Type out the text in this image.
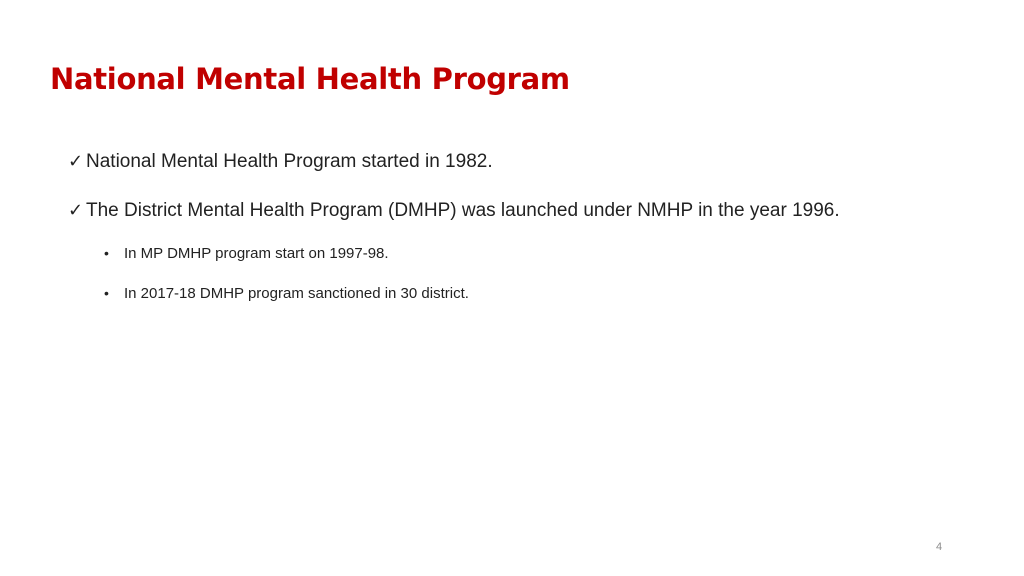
National Mental Health Program
✓ National Mental Health Program started in 1982.
✓ The District Mental Health Program (DMHP) was launched under NMHP in the year 1996.
•	In MP DMHP program start on 1997-98.
•	In 2017-18 DMHP program sanctioned in 30 district.
4
